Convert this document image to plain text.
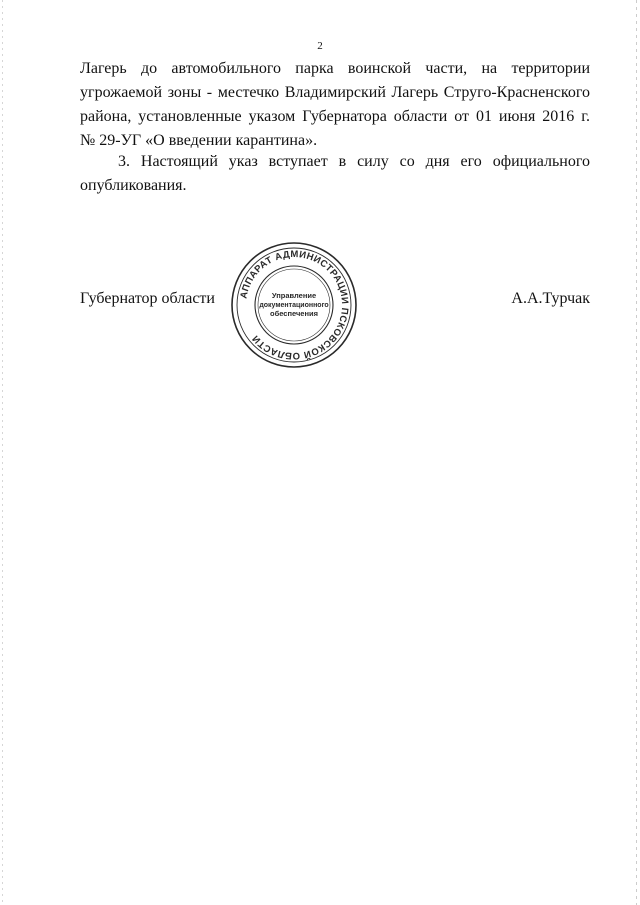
2

Лагерь до автомобильного парка воинской части, на территории
угрожаемой зоны - местечко Владимирский Лагерь Струго-Красненского
района, установленные указом Губернатора области от 01 июня 2016 г.
№ 29-УГ «О введении карантина».

3. Настоящий указ вступает в силу со дня его официального
опубликования.

Губернатор области	А.А.Турчак
АППАРАТ АДМИНИСТРАЦИИ ПСКОВСКОЙ ОБЛАСТИ
Управление
документационного
обеспечения
